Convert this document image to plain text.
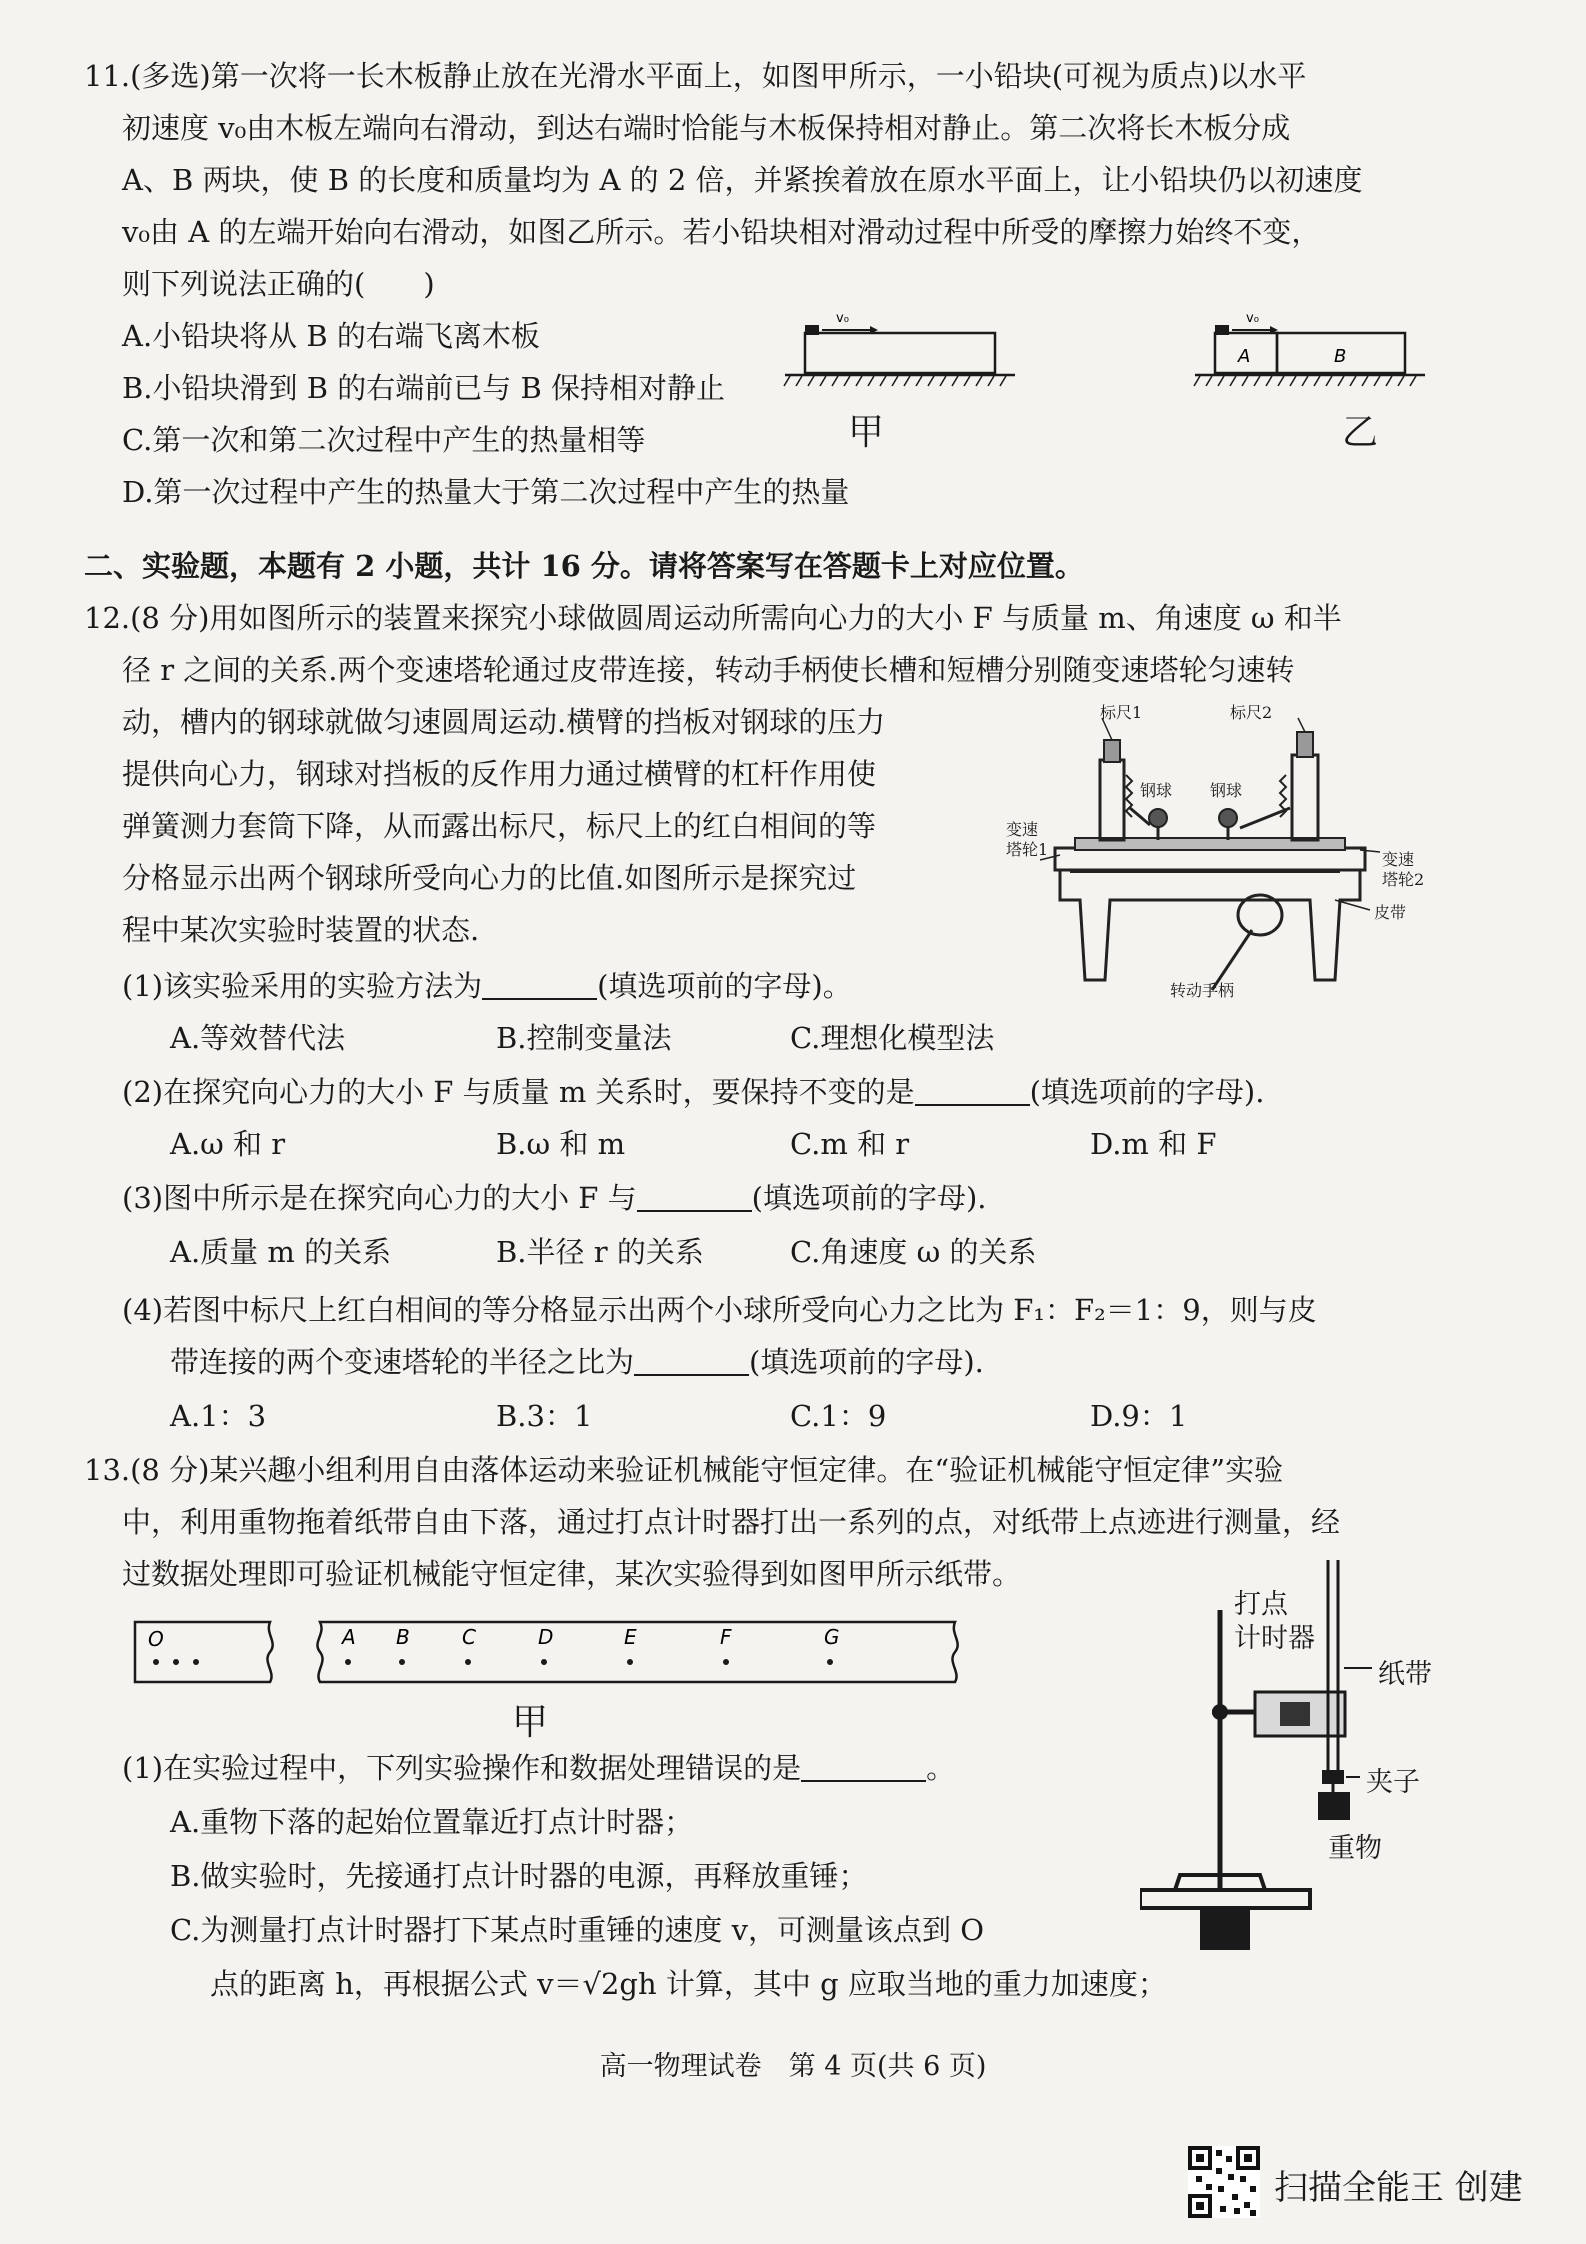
11.(多选)第一次将一长木板静止放在光滑水平面上，如图甲所示，一小铅块(可视为质点)以水平
初速度 v₀由木板左端向右滑动，到达右端时恰能与木板保持相对静止。第二次将长木板分成
A、B 两块，使 B 的长度和质量均为 A 的 2 倍，并紧挨着放在原水平面上，让小铅块仍以初速度
v₀由 A 的左端开始向右滑动，如图乙所示。若小铅块相对滑动过程中所受的摩擦力始终不变，
则下列说法正确的(　　)
A.小铅块将从 B 的右端飞离木板
B.小铅块滑到 B 的右端前已与 B 保持相对静止
C.第一次和第二次过程中产生的热量相等
D.第一次过程中产生的热量大于第二次过程中产生的热量
v₀
甲
v₀
A	B
乙
二、实验题，本题有 2 小题，共计 16 分。请将答案写在答题卡上对应位置。
12.(8 分)用如图所示的装置来探究小球做圆周运动所需向心力的大小 F 与质量 m、角速度 ω 和半
径 r 之间的关系.两个变速塔轮通过皮带连接，转动手柄使长槽和短槽分别随变速塔轮匀速转
动，槽内的钢球就做匀速圆周运动.横臂的挡板对钢球的压力
提供向心力，钢球对挡板的反作用力通过横臂的杠杆作用使
弹簧测力套筒下降，从而露出标尺，标尺上的红白相间的等
分格显示出两个钢球所受向心力的比值.如图所示是探究过
程中某次实验时装置的状态.
标尺1	标尺2
钢球 钢球
变速
塔轮1
变速
塔轮2
皮带
转动手柄
(1)该实验采用的实验方法为	(填选项前的字母)。
A.等效替代法	B.控制变量法	C.理想化模型法
(2)在探究向心力的大小 F 与质量 m 关系时，要保持不变的是	(填选项前的字母).
A.ω 和 r	B.ω 和 m	C.m 和 r	D.m 和 F
(3)图中所示是在探究向心力的大小 F 与	(填选项前的字母).
A.质量 m 的关系	B.半径 r 的关系	C.角速度 ω 的关系
(4)若图中标尺上红白相间的等分格显示出两个小球所受向心力之比为 F₁：F₂＝1：9，则与皮
带连接的两个变速塔轮的半径之比为	(填选项前的字母).
A.1：3	B.3：1	C.1：9	D.9：1
13.(8 分)某兴趣小组利用自由落体运动来验证机械能守恒定律。在“验证机械能守恒定律”实验
中，利用重物拖着纸带自由下落，通过打点计时器打出一系列的点，对纸带上点迹进行测量，经
过数据处理即可验证机械能守恒定律，某次实验得到如图甲所示纸带。
O	A B	C	D	E	F	G
甲
打点
计时器
纸带
夹子
重物
(1)在实验过程中，下列实验操作和数据处理错误的是	。
A.重物下落的起始位置靠近打点计时器；
B.做实验时，先接通打点计时器的电源，再释放重锤；
C.为测量打点计时器打下某点时重锤的速度 v，可测量该点到 O
点的距离 h，再根据公式 v＝√2gh 计算，其中 g 应取当地的重力加速度；
高一物理试卷　第 4 页(共 6 页)
扫描全能王 创建
